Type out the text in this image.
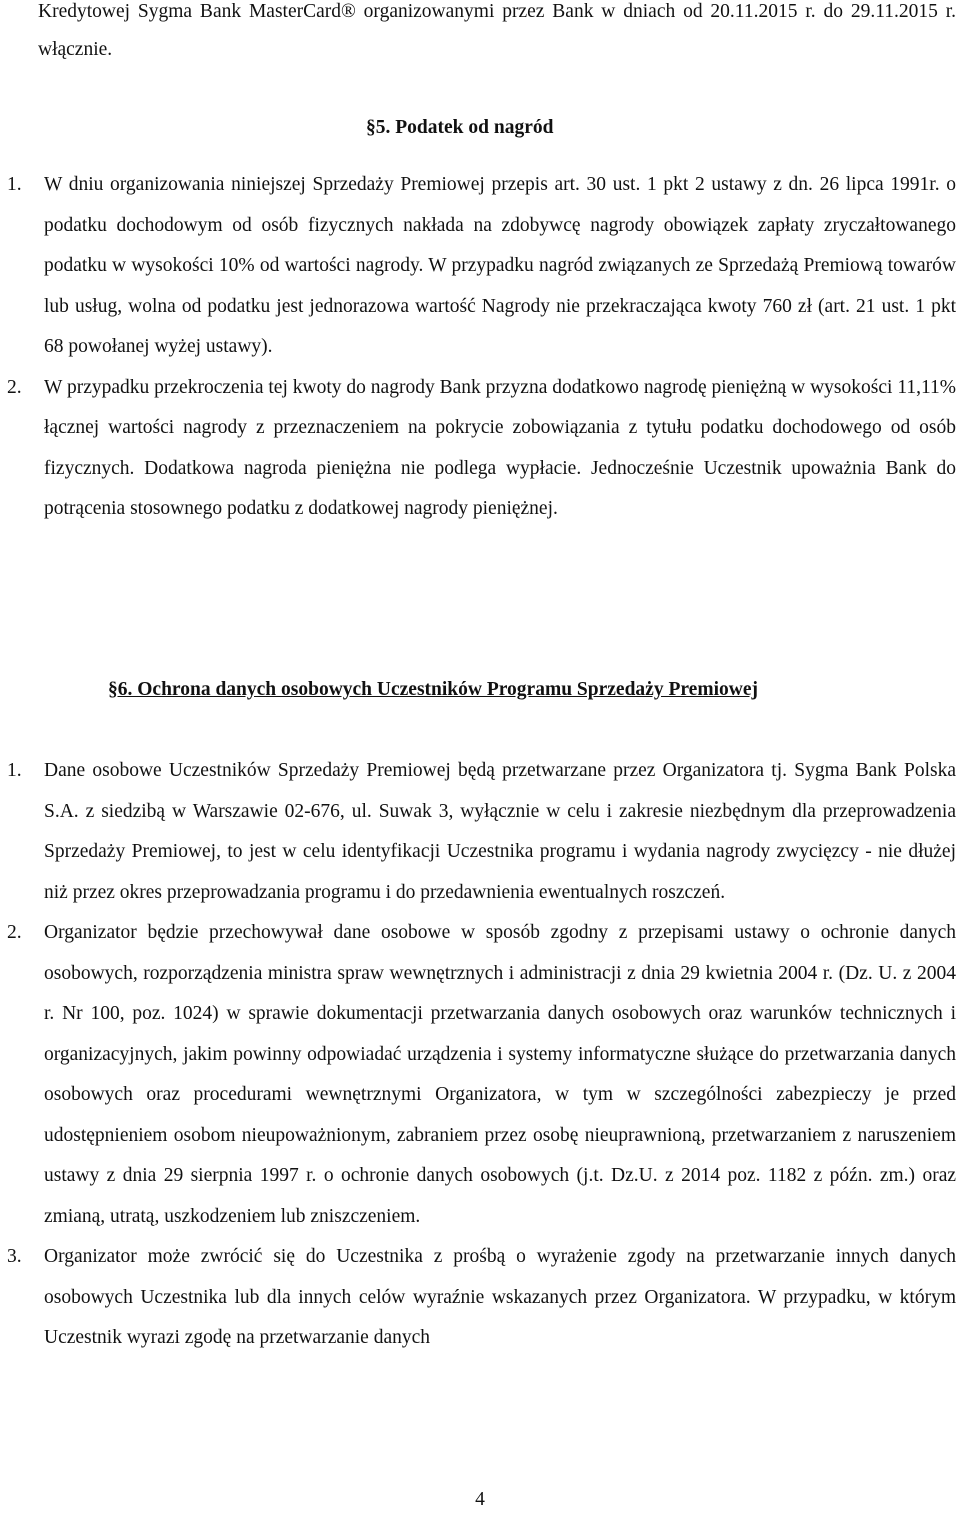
Kredytowej Sygma Bank MasterCard® organizowanymi przez Bank w dniach od 20.11.2015 r. do 29.11.2015 r. włącznie.

§5. Podatek od nagród
1. W dniu organizowania niniejszej Sprzedaży Premiowej przepis art. 30 ust. 1 pkt 2 ustawy z dn. 26 lipca 1991r. o podatku dochodowym od osób fizycznych nakłada na zdobywcę nagrody obowiązek zapłaty zryczałtowanego podatku w wysokości 10% od wartości nagrody. W przypadku nagród związanych ze Sprzedażą Premiową towarów lub usług, wolna od podatku jest jednorazowa wartość Nagrody nie przekraczająca kwoty 760 zł (art. 21 ust. 1 pkt 68 powołanej wyżej ustawy).
2. W przypadku przekroczenia tej kwoty do nagrody Bank przyzna dodatkowo nagrodę pieniężną w wysokości 11,11% łącznej wartości nagrody z przeznaczeniem na pokrycie zobowiązania z tytułu podatku dochodowego od osób fizycznych. Dodatkowa nagroda pieniężna nie podlega wypłacie. Jednocześnie Uczestnik upoważnia Bank do potrącenia stosownego podatku z dodatkowej nagrody pieniężnej.
§6. Ochrona danych osobowych Uczestników Programu Sprzedaży Premiowej
1. Dane osobowe Uczestników Sprzedaży Premiowej będą przetwarzane przez Organizatora tj. Sygma Bank Polska S.A. z siedzibą w Warszawie 02-676, ul. Suwak 3, wyłącznie w celu i zakresie niezbędnym dla przeprowadzenia Sprzedaży Premiowej, to jest w celu identyfikacji Uczestnika programu i wydania nagrody zwycięzcy - nie dłużej niż przez okres przeprowadzania programu i do przedawnienia ewentualnych roszczeń.
2. Organizator będzie przechowywał dane osobowe w sposób zgodny z przepisami ustawy o ochronie danych osobowych, rozporządzenia ministra spraw wewnętrznych i administracji z dnia 29 kwietnia 2004 r. (Dz. U. z 2004 r. Nr 100, poz. 1024) w sprawie dokumentacji przetwarzania danych osobowych oraz warunków technicznych i organizacyjnych, jakim powinny odpowiadać urządzenia i systemy informatyczne służące do przetwarzania danych osobowych oraz procedurami wewnętrznymi Organizatora, w tym w szczególności zabezpieczy je przed udostępnieniem osobom nieupoważnionym, zabraniem przez osobę nieuprawnioną, przetwarzaniem z naruszeniem ustawy z dnia 29 sierpnia 1997 r. o ochronie danych osobowych (j.t. Dz.U. z 2014 poz. 1182 z późn. zm.) oraz zmianą, utratą, uszkodzeniem lub zniszczeniem.
3. Organizator może zwrócić się do Uczestnika z prośbą o wyrażenie zgody na przetwarzanie innych danych osobowych Uczestnika lub dla innych celów wyraźnie wskazanych przez Organizatora. W przypadku, w którym Uczestnik wyrazi zgodę na przetwarzanie danych
4
